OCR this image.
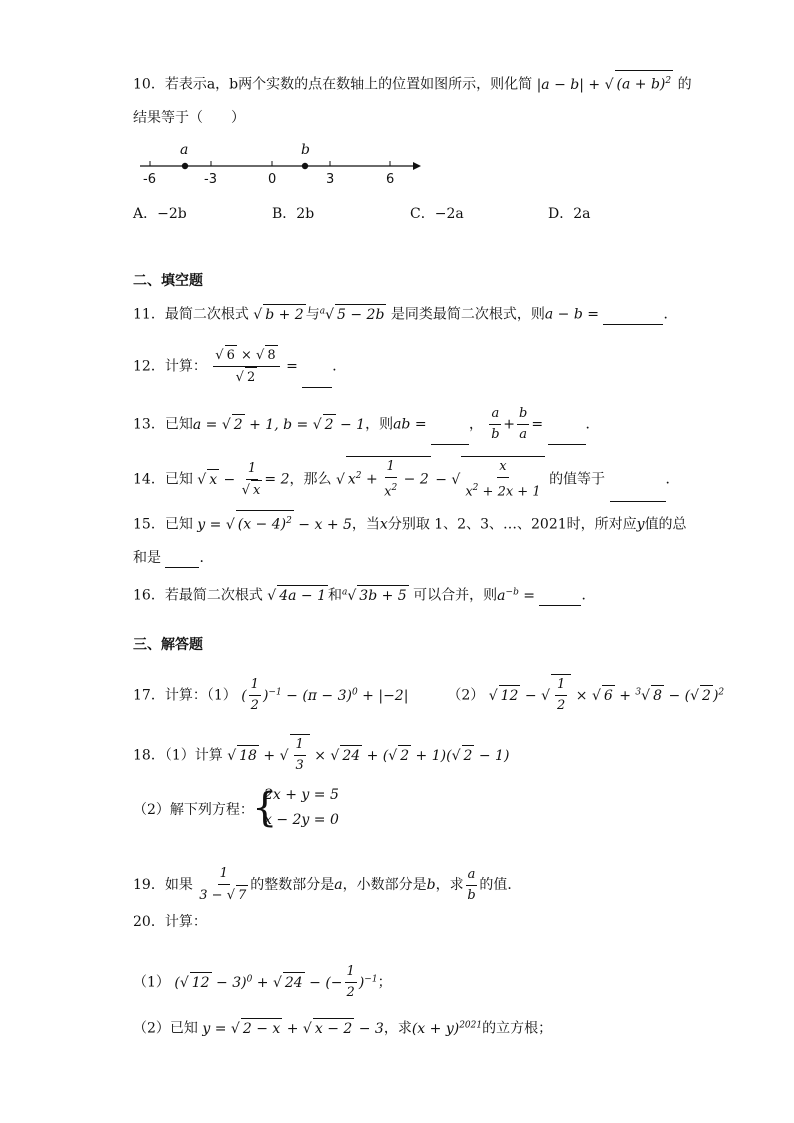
10．若表示a，b两个实数的点在数轴上的位置如图所示，则化简 |a − b| + √ $(a + b)^2$ 的
结果等于（　　）
a	b
-6	-3	0	3	6
A．−2b	B．2b	C．−2a	D．2a
二、填空题
11．最简二次根式 √ b + 2 与$^a$ √ 5 − 2b 是同类最简二次根式，则a − b =	．
12．计算： √ 6 × √ 8
√ 2 = ．
13．已知a = √ 2 + 1, b = √ 2 − 1，则ab =	， $\frac{a}{b} + \frac{b}{a}$ =	．
14．已知 √ x − 1
√ x = 2，那么 √ $x^2 + \frac{1}{x^2} - 2$ − √ $\frac{x}{x^2 + 2x + 1}$ 的值等于	．
15．已知 y = √ $(x - 4)^2 - x + 5$，当x分别取 1、2、3、…、2021时，所对应y值的总
和是	．
16．若最简二次根式 √ 4a − 1 和$^a$ √ 3b + 5 可以合并，则$a^{-b}$ =	．
三、解答题
17．计算：（1） ( $\frac{1}{2} )^{-1} - (\pi - 3)^0 + |-2|$	（2） √ 12 − √ $\frac{1}{2}$ × √ 6 + $^3$ √ 8 − ( √ 2 )$^2$
18．（1）计算 √ 18 + √ $\frac{1}{3}$ × √ 24 + ( √ 2 + 1)( √ 2 − 1)
（2）解下列方程：
{
2x + y = 5
x − 2y = 0
19．如果 $\frac{1}{3 - √ 7}$ 的整数部分是a，小数部分是b，求 $\frac{a}{b}$ 的值．
20．计算：
（1） ( √ 12 − 3)$^0$ + √ 24 − (− $\frac{1}{2} )^{-1}$；
（2）已知 y = √ 2 − x + √ x − 2 − 3，求$(x + y)^{2021}$的立方根；
